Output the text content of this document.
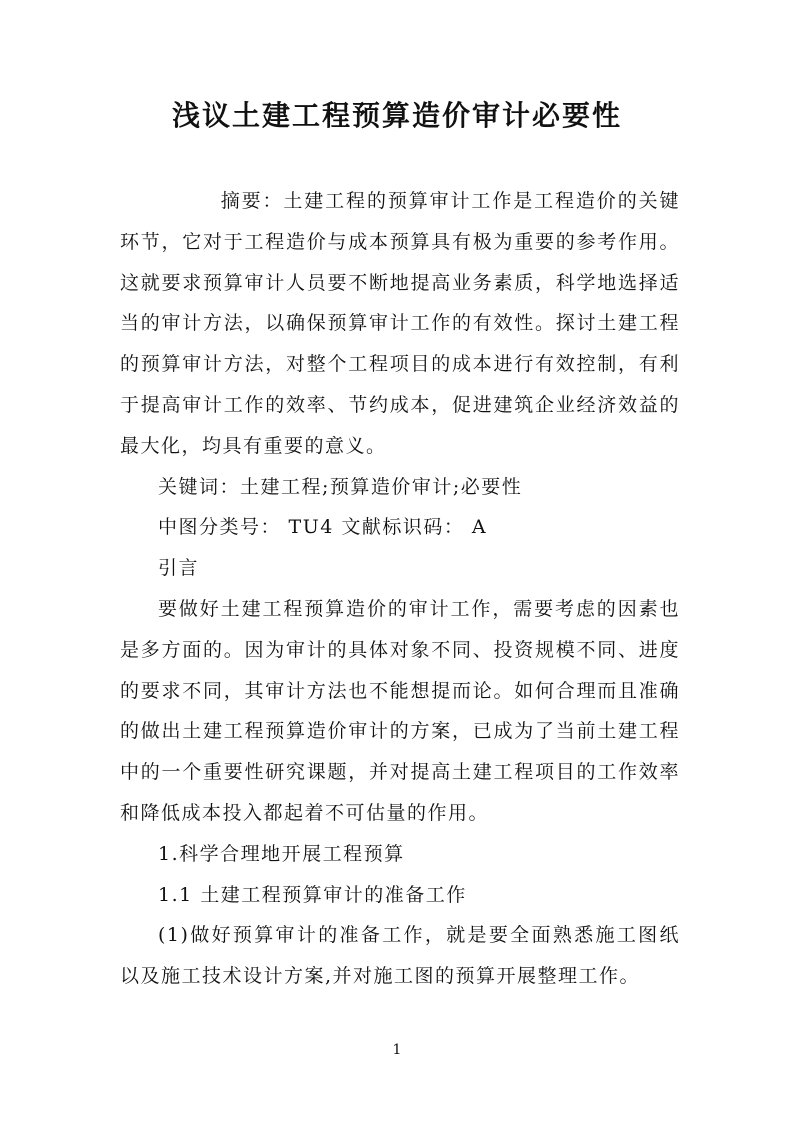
浅议土建工程预算造价审计必要性

摘要：土建工程的预算审计工作是工程造价的关键环节，它对于工程造价与成本预算具有极为重要的参考作用。这就要求预算审计人员要不断地提高业务素质，科学地选择适当的审计方法，以确保预算审计工作的有效性。探讨土建工程的预算审计方法，对整个工程项目的成本进行有效控制，有利于提高审计工作的效率、节约成本，促进建筑企业经济效益的最大化，均具有重要的意义。

关键词：土建工程;预算造价审计;必要性

中图分类号： TU4 文献标识码： A

引言

要做好土建工程预算造价的审计工作，需要考虑的因素也是多方面的。因为审计的具体对象不同、投资规模不同、进度的要求不同，其审计方法也不能想提而论。如何合理而且准确的做出土建工程预算造价审计的方案，已成为了当前土建工程中的一个重要性研究课题，并对提高土建工程项目的工作效率和降低成本投入都起着不可估量的作用。

1.科学合理地开展工程预算

1.1 土建工程预算审计的准备工作

(1)做好预算审计的准备工作，就是要全面熟悉施工图纸以及施工技术设计方案,并对施工图的预算开展整理工作。

1
